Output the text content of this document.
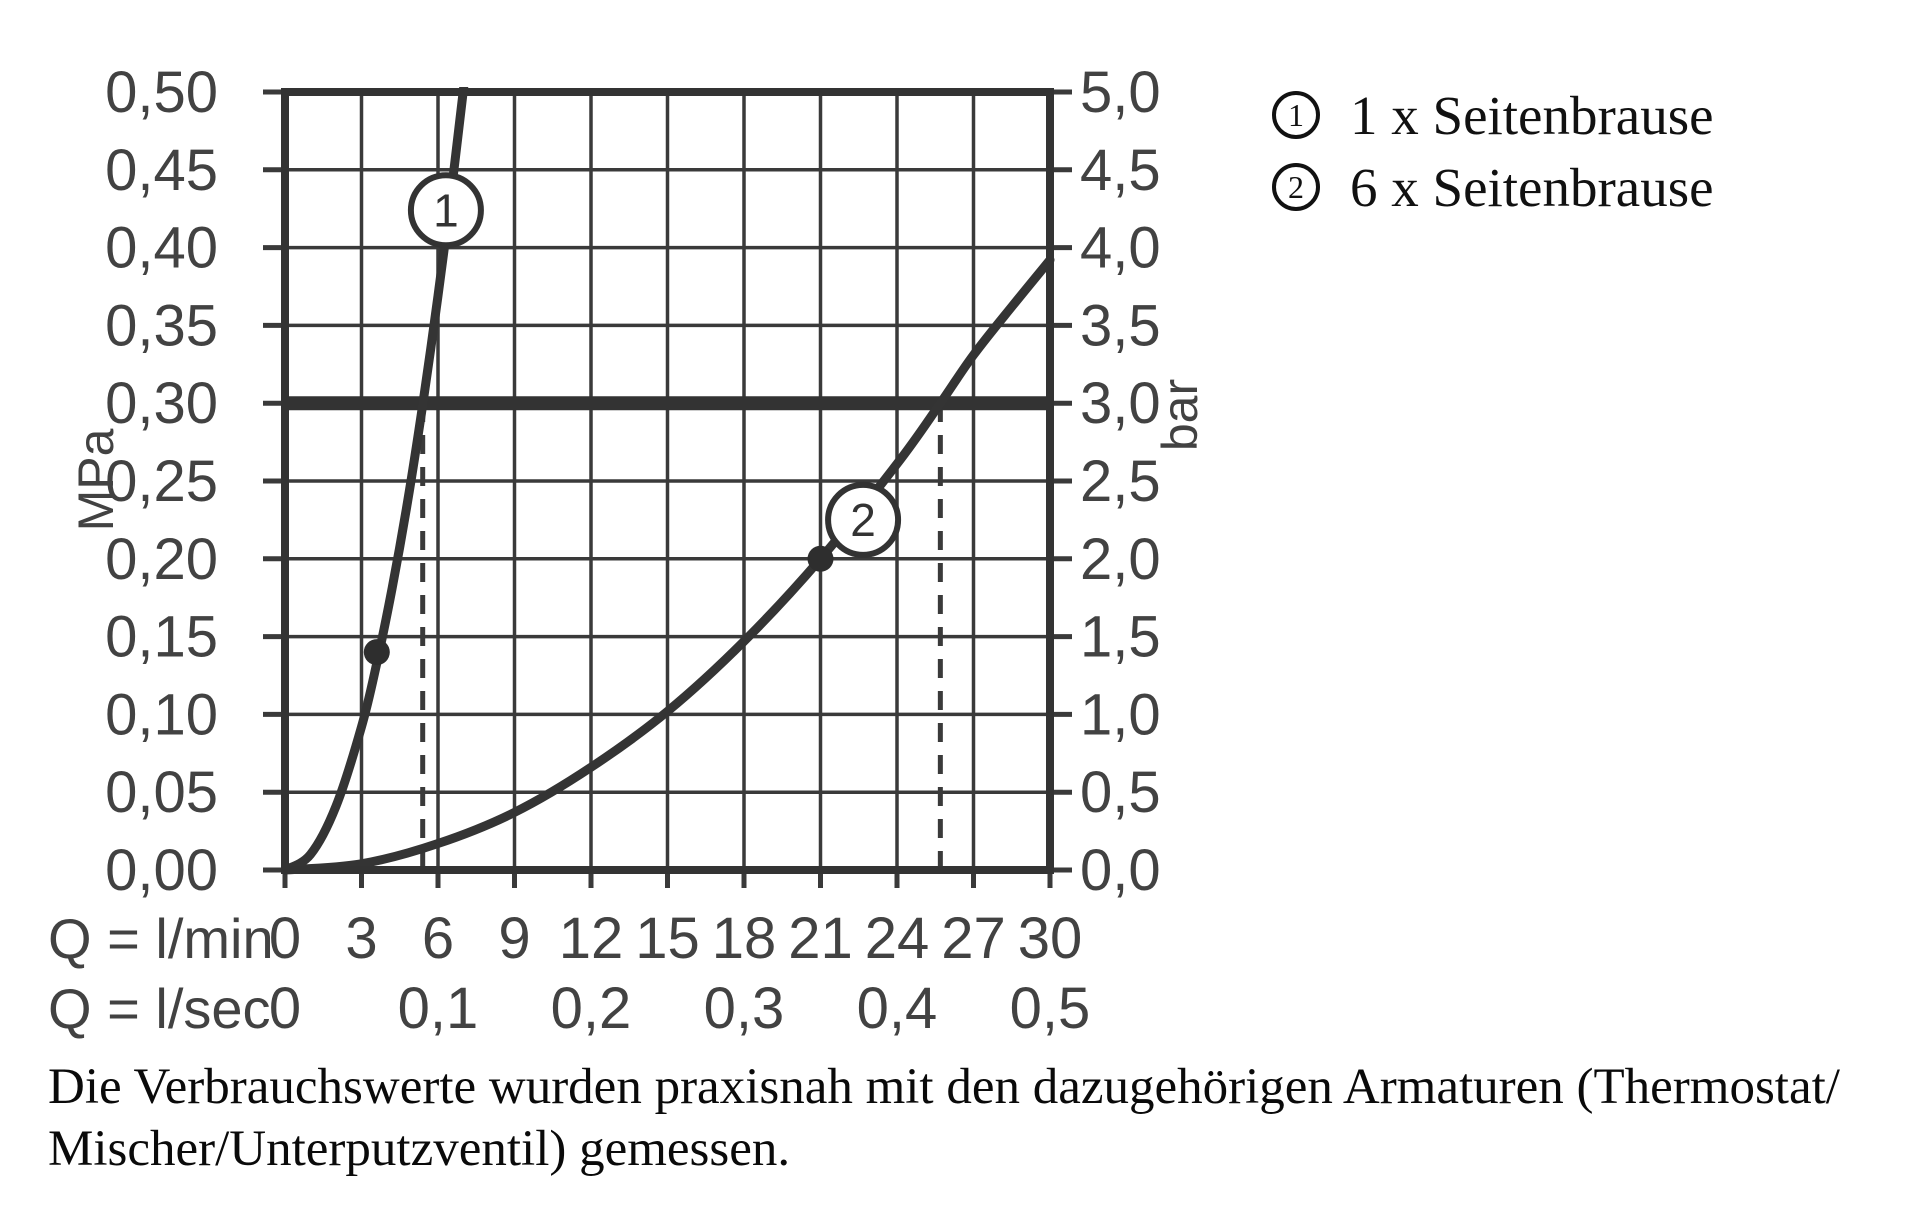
1
2
0,50
0,45
0,40
0,35
0,30
0,25
0,20
0,15
0,10
0,05
0,00
5,0
4,5
4,0
3,5
3,0
2,5
2,0
1,5
1,0
0,5
0,0
0 3 6 9 12 15 18 21 24 27 30
0 0,1 0,2 0,3 0,4 0,5
Q = l/min
Q = l/sec
MPa
bar
1 1 x Seitenbrause
2 6 x Seitenbrause
Die Verbrauchswerte wurden praxisnah mit den dazugehörigen Armaturen (Thermostat/
Mischer/Unterputzventil) gemessen.
